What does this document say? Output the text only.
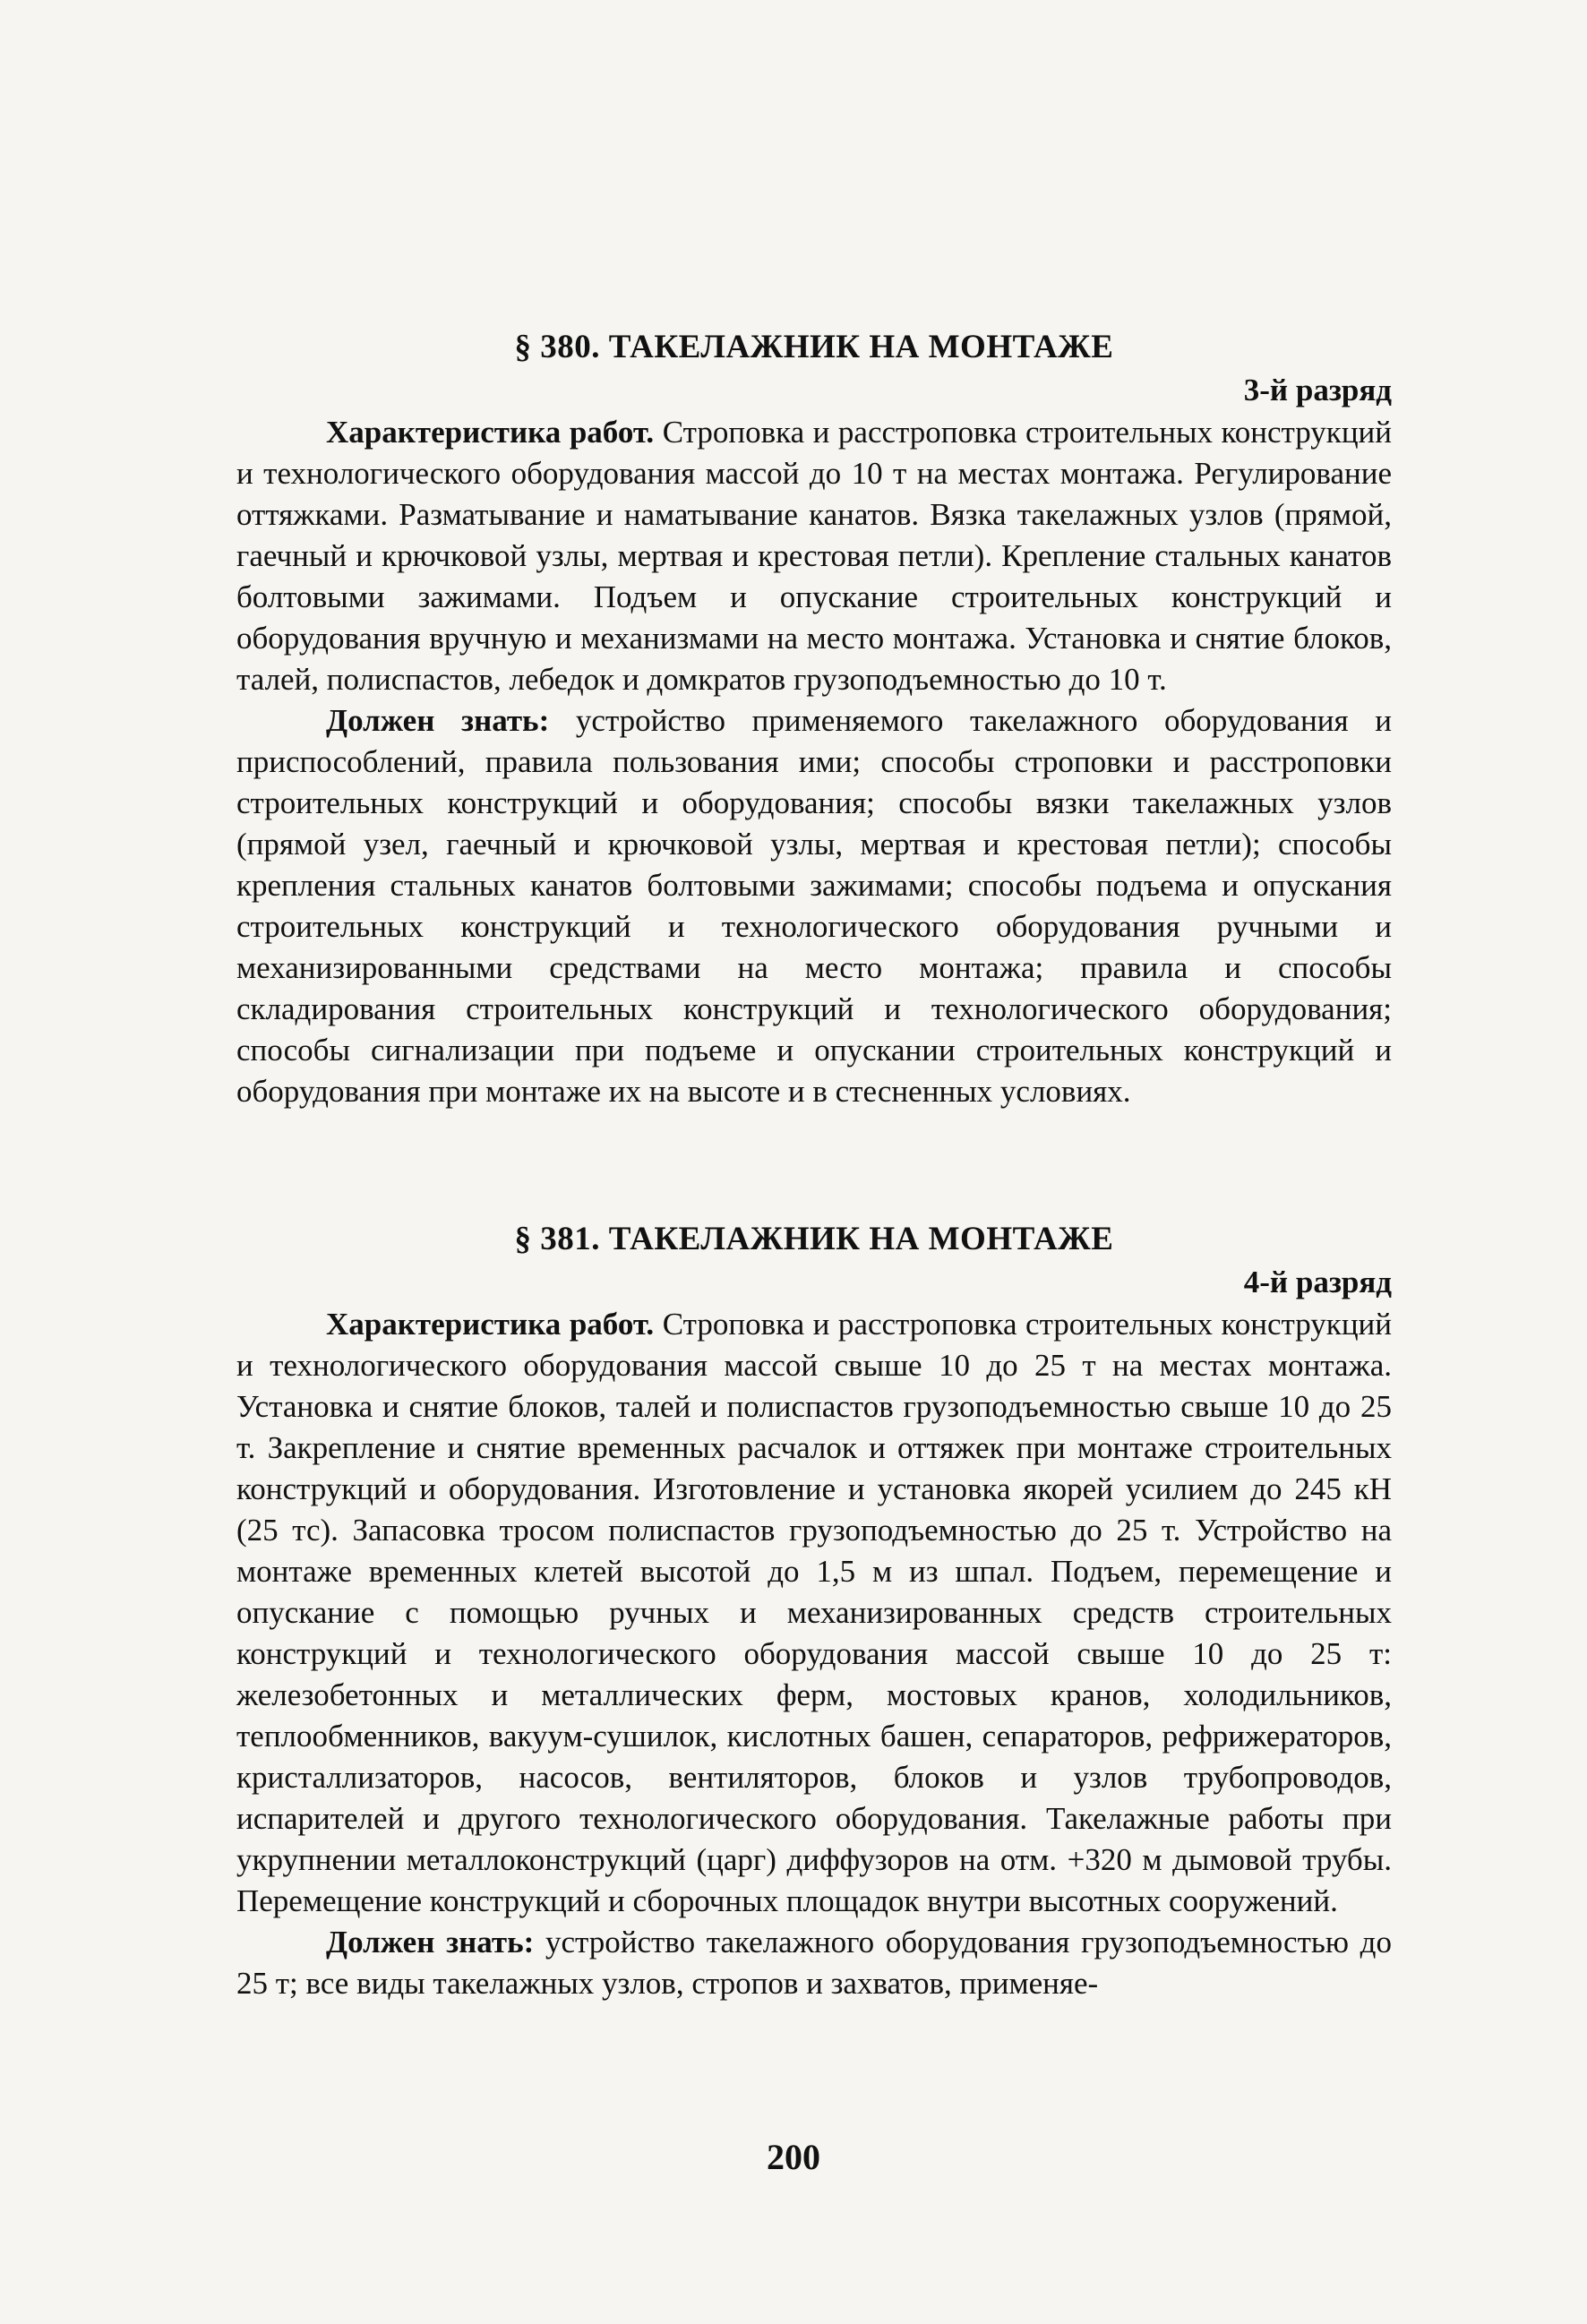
§ 380. ТАКЕЛАЖНИК НА МОНТАЖЕ
3-й разряд

Характеристика работ. Строповка и расстроповка строительных конструкций и технологического оборудования массой до 10 т на местах монтажа. Регулирование оттяжками. Разматывание и наматывание канатов. Вязка такелажных узлов (прямой, гаечный и крючковой узлы, мертвая и крестовая петли). Крепление стальных канатов болтовыми зажимами. Подъем и опускание строительных конструкций и оборудования вручную и механизмами на место монтажа. Установка и снятие блоков, талей, полиспастов, лебедок и домкратов грузоподъемностью до 10 т.

Должен знать: устройство применяемого такелажного оборудования и приспособлений, правила пользования ими; способы строповки и расстроповки строительных конструкций и оборудования; способы вязки такелажных узлов (прямой узел, гаечный и крючковой узлы, мертвая и крестовая петли); способы крепления стальных канатов болтовыми зажимами; способы подъема и опускания строительных конструкций и технологического оборудования ручными и механизированными средствами на место монтажа; правила и способы складирования строительных конструкций и технологического оборудования; способы сигнализации при подъеме и опускании строительных конструкций и оборудования при монтаже их на высоте и в стесненных условиях.

§ 381. ТАКЕЛАЖНИК НА МОНТАЖЕ
4-й разряд

Характеристика работ. Строповка и расстроповка строительных конструкций и технологического оборудования массой свыше 10 до 25 т на местах монтажа. Установка и снятие блоков, талей и полиспастов грузоподъемностью свыше 10 до 25 т. Закрепление и снятие временных расчалок и оттяжек при монтаже строительных конструкций и оборудования. Изготовление и установка якорей усилием до 245 кН (25 тс). Запасовка тросом полиспастов грузоподъемностью до 25 т. Устройство на монтаже временных клетей высотой до 1,5 м из шпал. Подъем, перемещение и опускание с помощью ручных и механизированных средств строительных конструкций и технологического оборудования массой свыше 10 до 25 т: железобетонных и металлических ферм, мостовых кранов, холодильников, теплообменников, вакуум-сушилок, кислотных башен, сепараторов, рефрижераторов, кристаллизаторов, насосов, вентиляторов, блоков и узлов трубопроводов, испарителей и другого технологического оборудования. Такелажные работы при укрупнении металлоконструкций (царг) диффузоров на отм. +320 м дымовой трубы. Перемещение конструкций и сборочных площадок внутри высотных сооружений.

Должен знать: устройство такелажного оборудования грузоподъемностью до 25 т; все виды такелажных узлов, стропов и захватов, применяе-

200
